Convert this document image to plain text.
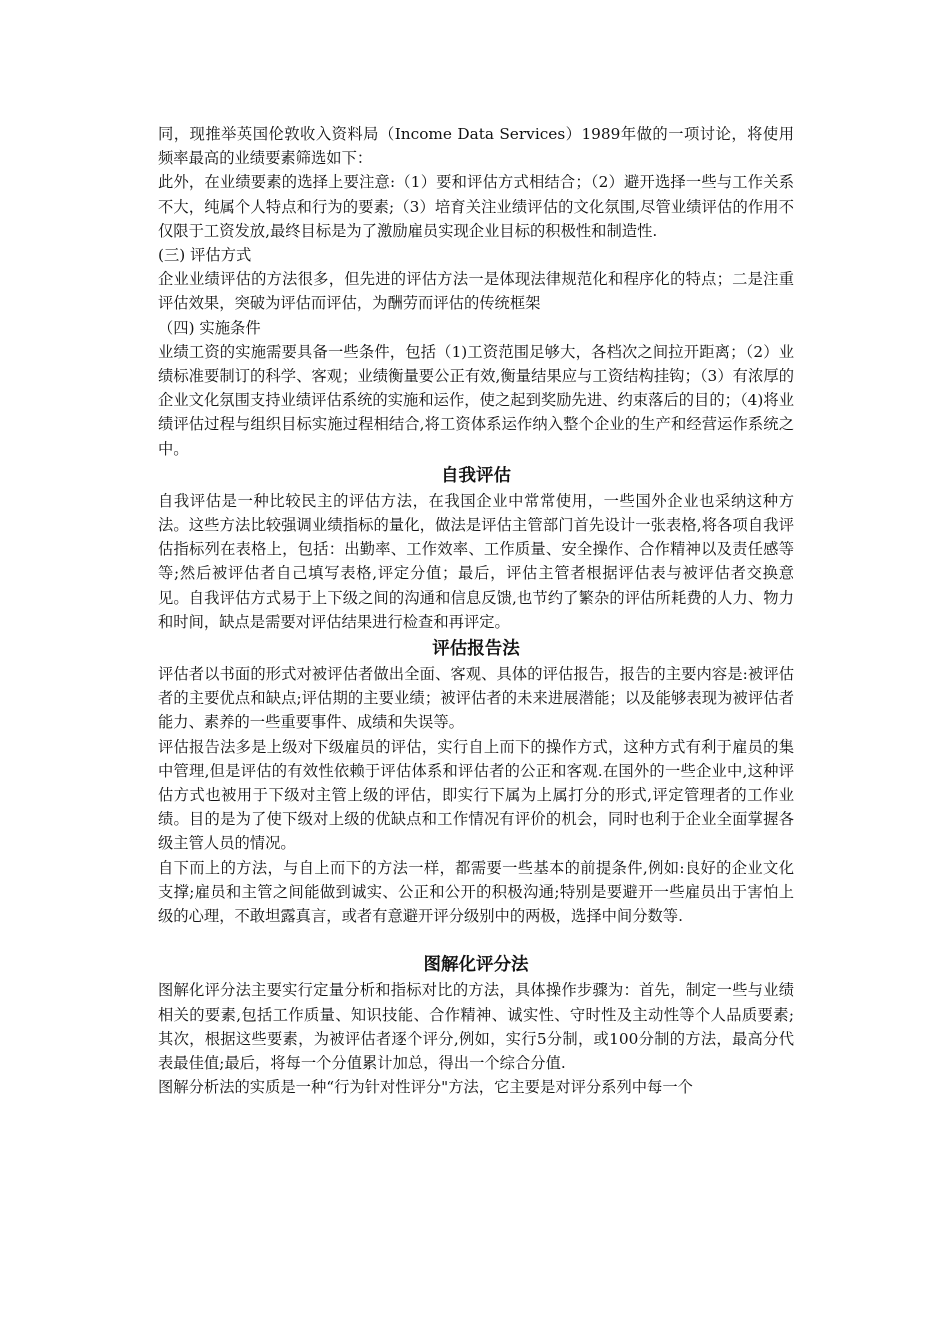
同，现推举英国伦敦收入资料局（Income Data Services）1989年做的一项讨论，将使用频率最高的业绩要素筛选如下：

此外，在业绩要素的选择上要注意:（1）要和评估方式相结合；（2）避开选择一些与工作关系不大，纯属个人特点和行为的要素;（3）培育关注业绩评估的文化氛围,尽管业绩评估的作用不仅限于工资发放,最终目标是为了激励雇员实现企业目标的积极性和制造性.

(三) 评估方式

企业业绩评估的方法很多，但先进的评估方法一是体现法律规范化和程序化的特点；二是注重评估效果，突破为评估而评估，为酬劳而评估的传统框架

（四) 实施条件

业绩工资的实施需要具备一些条件，包括（1)工资范围足够大，各档次之间拉开距离；（2）业绩标准要制订的科学、客观；业绩衡量要公正有效,衡量结果应与工资结构挂钩；（3）有浓厚的企业文化氛围支持业绩评估系统的实施和运作，使之起到奖励先进、约束落后的目的；（4)将业绩评估过程与组织目标实施过程相结合,将工资体系运作纳入整个企业的生产和经营运作系统之中。

自我评估

自我评估是一种比较民主的评估方法，在我国企业中常常使用，一些国外企业也采纳这种方法。这些方法比较强调业绩指标的量化，做法是评估主管部门首先设计一张表格,将各项自我评估指标列在表格上，包括：出勤率、工作效率、工作质量、安全操作、合作精神以及责任感等等;然后被评估者自己填写表格,评定分值；最后，评估主管者根据评估表与被评估者交换意见。自我评估方式易于上下级之间的沟通和信息反馈,也节约了繁杂的评估所耗费的人力、物力和时间，缺点是需要对评估结果进行检查和再评定。

评估报告法

评估者以书面的形式对被评估者做出全面、客观、具体的评估报告，报告的主要内容是:被评估者的主要优点和缺点;评估期的主要业绩；被评估者的未来进展潜能；以及能够表现为被评估者能力、素养的一些重要事件、成绩和失误等。

评估报告法多是上级对下级雇员的评估，实行自上而下的操作方式，这种方式有利于雇员的集中管理,但是评估的有效性依赖于评估体系和评估者的公正和客观.在国外的一些企业中,这种评估方式也被用于下级对主管上级的评估，即实行下属为上属打分的形式,评定管理者的工作业绩。目的是为了使下级对上级的优缺点和工作情况有评价的机会，同时也利于企业全面掌握各级主管人员的情况。

自下而上的方法，与自上而下的方法一样，都需要一些基本的前提条件,例如:良好的企业文化支撑;雇员和主管之间能做到诚实、公正和公开的积极沟通;特别是要避开一些雇员出于害怕上级的心理，不敢坦露真言，或者有意避开评分级别中的两极，选择中间分数等.

图解化评分法

图解化评分法主要实行定量分析和指标对比的方法，具体操作步骤为：首先，制定一些与业绩相关的要素,包括工作质量、知识技能、合作精神、诚实性、守时性及主动性等个人品质要素;其次，根据这些要素，为被评估者逐个评分,例如，实行5分制，或100分制的方法，最高分代表最佳值;最后，将每一个分值累计加总，得出一个综合分值.

图解分析法的实质是一种“行为针对性评分"方法，它主要是对评分系列中每一个
